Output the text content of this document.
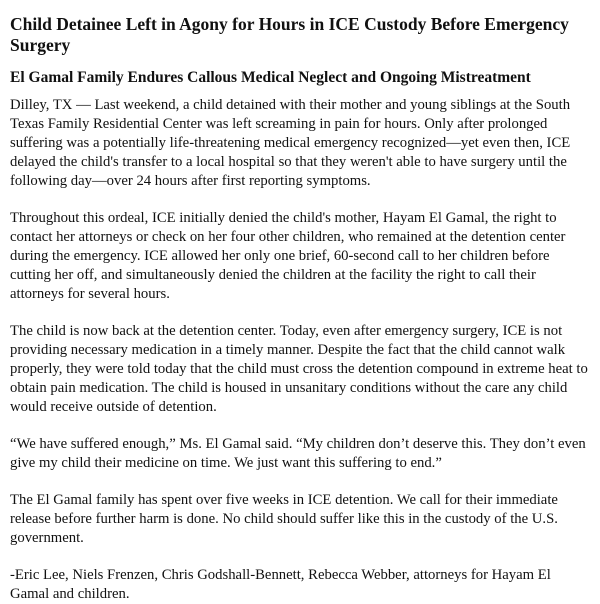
Child Detainee Left in Agony for Hours in ICE Custody Before Emergency Surgery
El Gamal Family Endures Callous Medical Neglect and Ongoing Mistreatment

Dilley, TX — Last weekend, a child detained with their mother and young siblings at the South Texas Family Residential Center was left screaming in pain for hours. Only after prolonged suffering was a potentially life-threatening medical emergency recognized—yet even then, ICE delayed the child's transfer to a local hospital so that they weren't able to have surgery until the following day—over 24 hours after first reporting symptoms.

Throughout this ordeal, ICE initially denied the child's mother, Hayam El Gamal, the right to contact her attorneys or check on her four other children, who remained at the detention center during the emergency. ICE allowed her only one brief, 60-second call to her children before cutting her off, and simultaneously denied the children at the facility the right to call their attorneys for several hours.

The child is now back at the detention center. Today, even after emergency surgery, ICE is not providing necessary medication in a timely manner. Despite the fact that the child cannot walk properly, they were told today that the child must cross the detention compound in extreme heat to obtain pain medication. The child is housed in unsanitary conditions without the care any child would receive outside of detention.

“We have suffered enough,” Ms. El Gamal said. “My children don’t deserve this. They don’t even give my child their medicine on time. We just want this suffering to end.”

The El Gamal family has spent over five weeks in ICE detention. We call for their immediate release before further harm is done. No child should suffer like this in the custody of the U.S. government.

-Eric Lee, Niels Frenzen, Chris Godshall-Bennett, Rebecca Webber, attorneys for Hayam El Gamal and children.
